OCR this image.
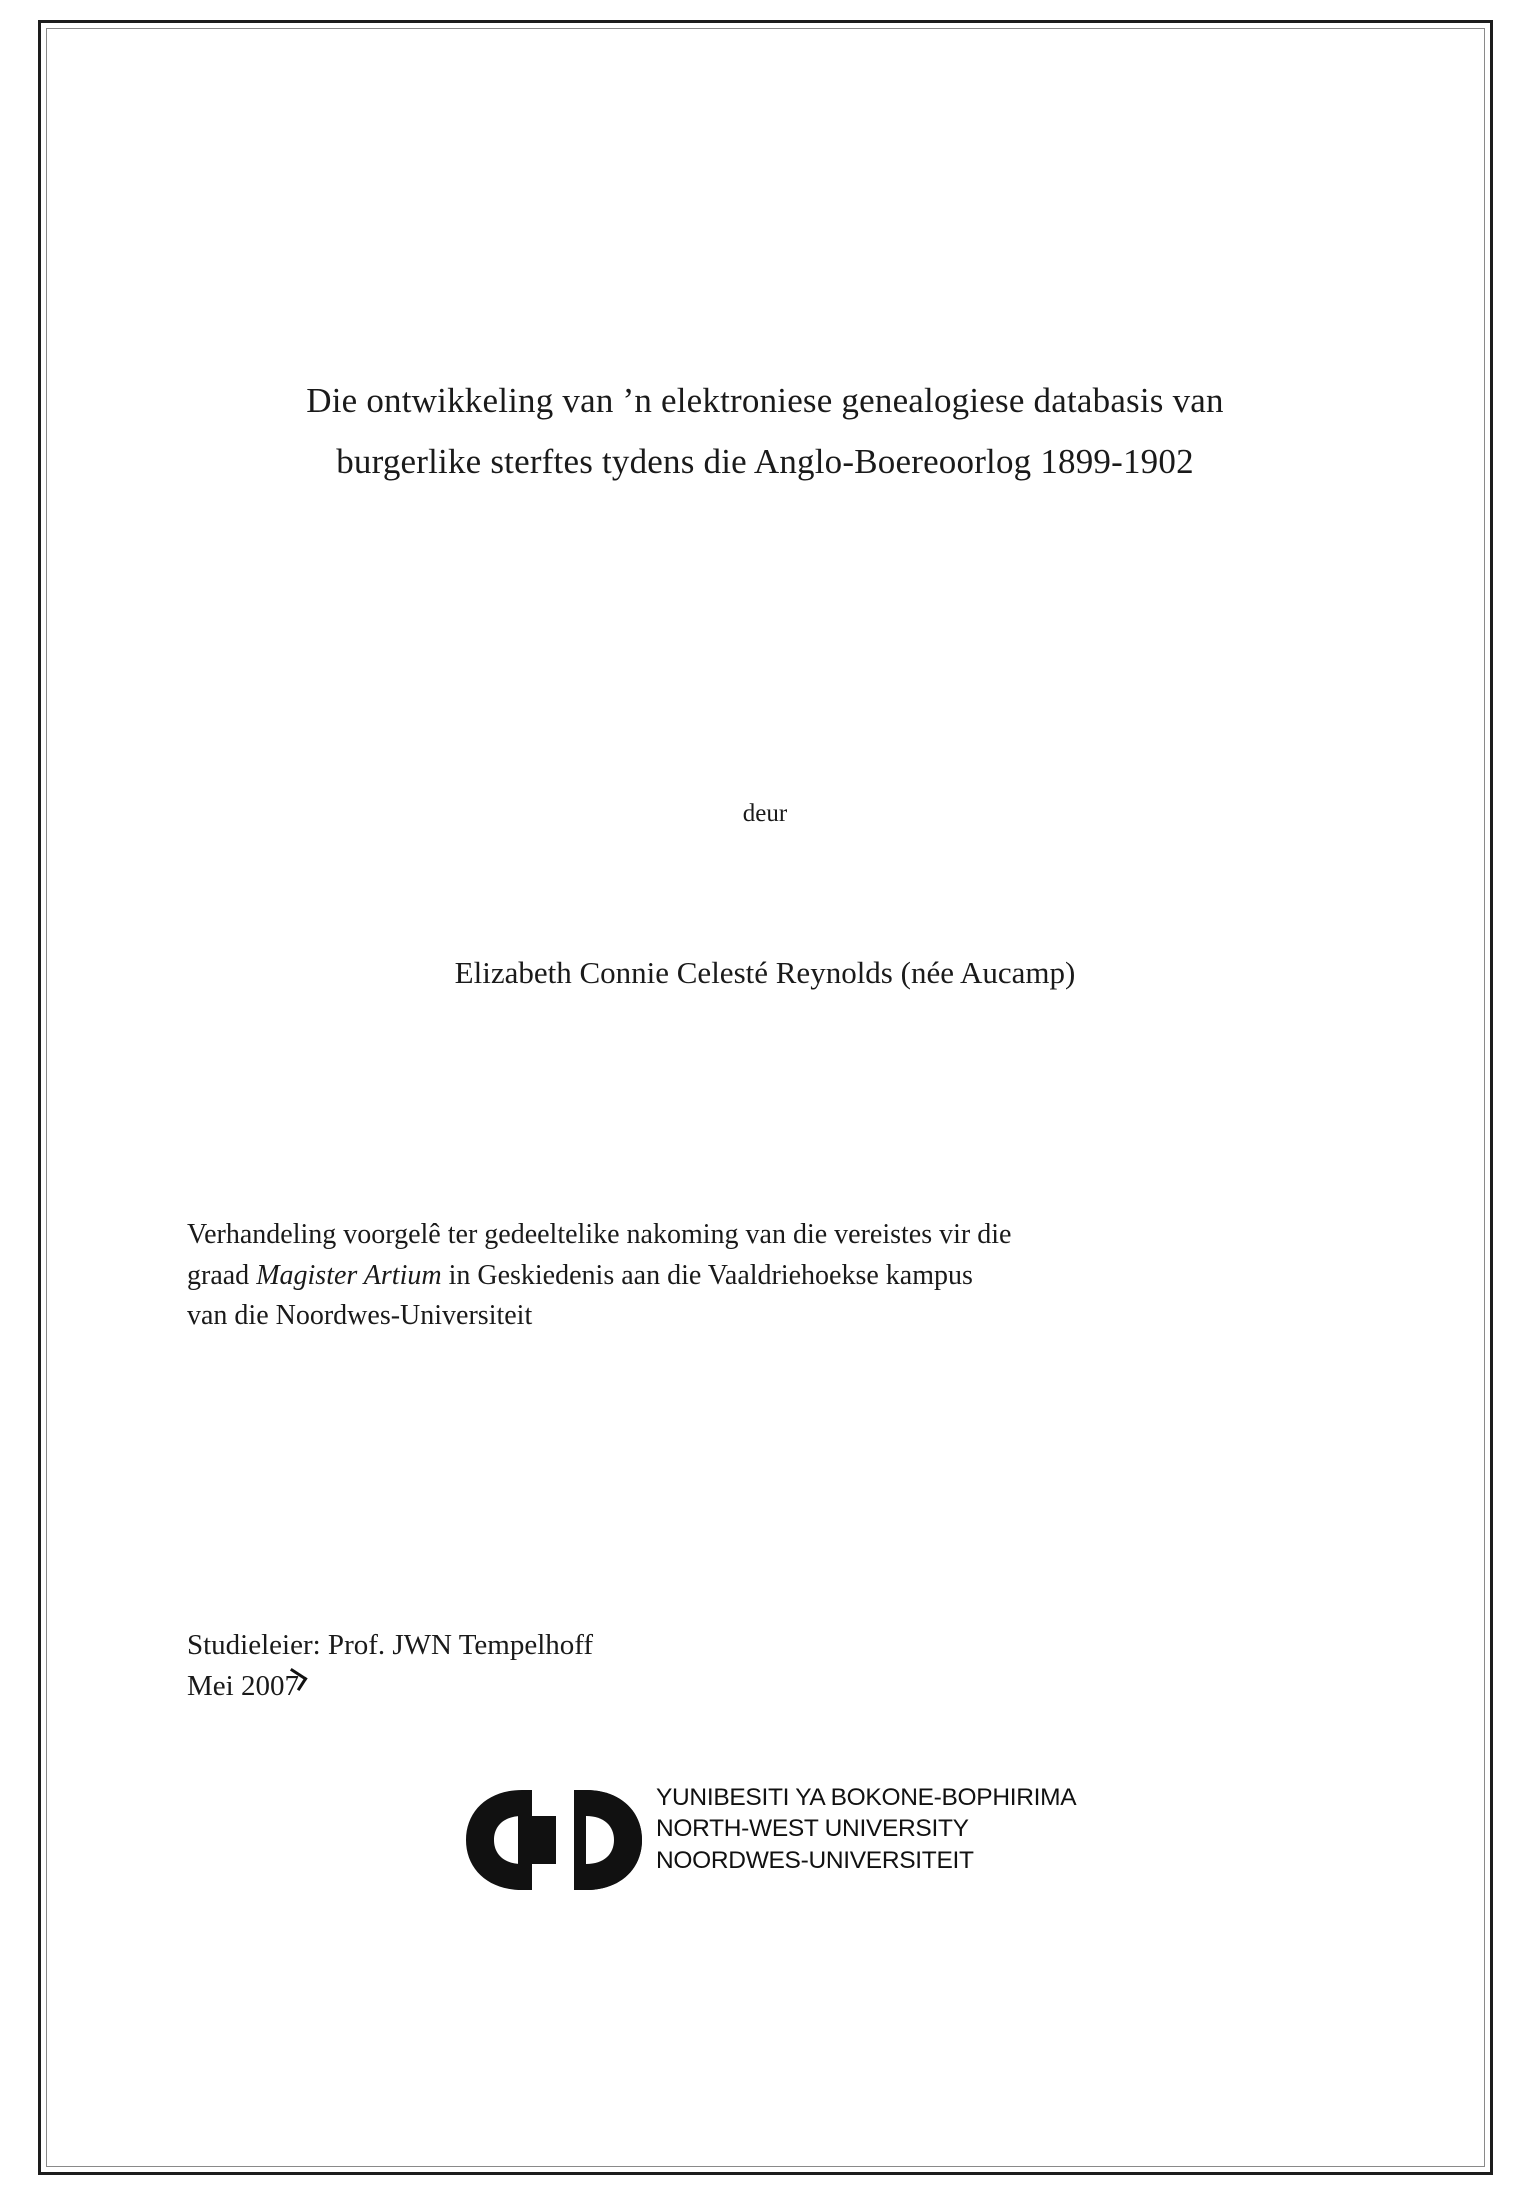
Die ontwikkeling van ’n elektroniese genealogiese databasis van
burgerlike sterftes tydens die Anglo-Boereoorlog 1899-1902
deur
Elizabeth Connie Celesté Reynolds (née Aucamp)

Verhandeling voorgelê ter gedeeltelike nakoming van die vereistes vir die

graad Magister Artium in Geskiedenis aan die Vaaldriehoekse kampus

van die Noordwes-Universiteit

Studieleier: Prof. JWN Tempelhoff

Mei 2007

YUNIBESITI YA BOKONE-BOPHIRIMA
NORTH-WEST UNIVERSITY
NOORDWES-UNIVERSITEIT
